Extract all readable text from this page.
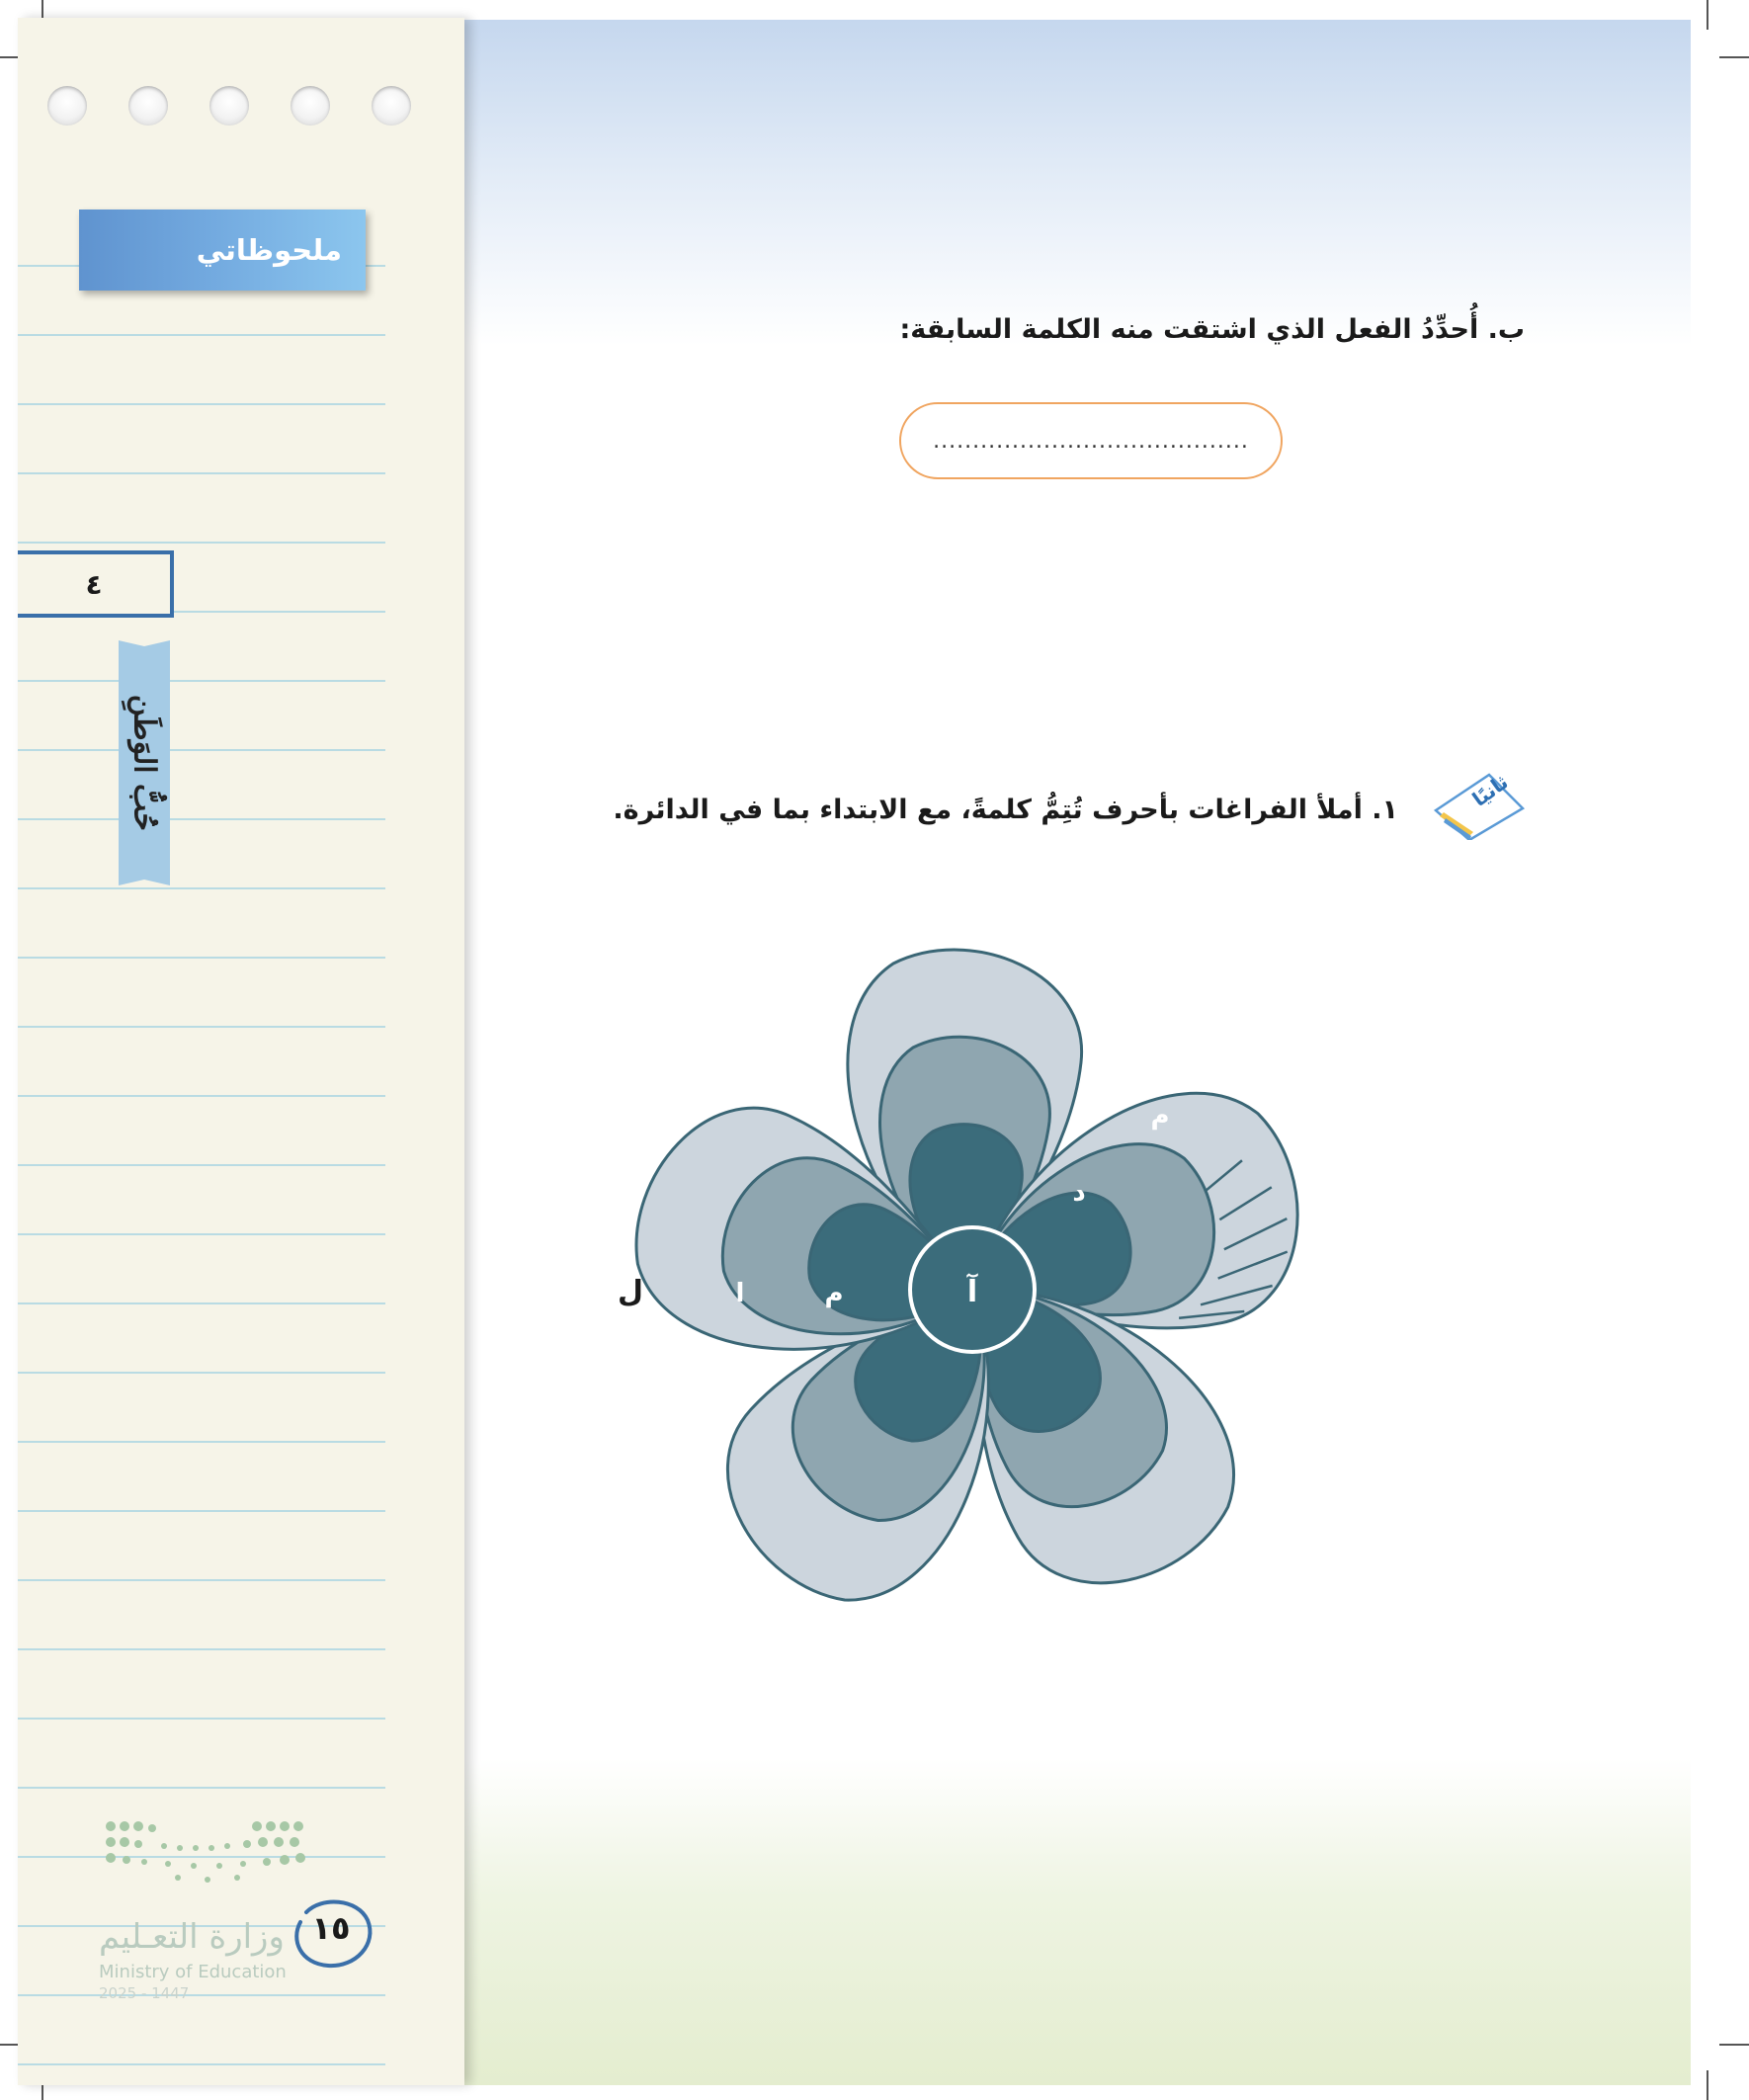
ملحوظاتي
٤
حُبُّ الوَطَنِ
ب. أُحدِّدُ الفعل الذي اشتقت منه الكلمة السابقة:
........................................
ثانيًا
١. أملأ الفراغات بأحرف تُتِمُّ كلمةً، مع الابتداء بما في الدائرة.
آ
م
ا
ل
د
م
وزارة التعـليم
Ministry of Education
2025 - 1447
١٥
